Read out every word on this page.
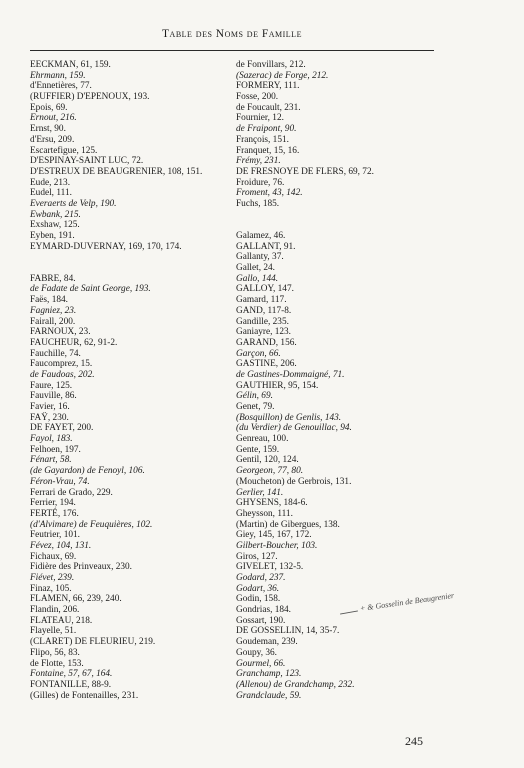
Table des Noms de Famille
EECKMAN, 61, 159.
Ehrmann, 159.
d'Ennetières, 77.
(RUFFIER) D'EPENOUX, 193.
Epois, 69.
Ernout, 216.
Ernst, 90.
d'Ersu, 209.
Escartefigue, 125.
D'ESPINAY-SAINT LUC, 72.
D'ESTREUX DE BEAUGRENIER, 108, 151.
Eude, 213.
Eudel, 111.
Everaerts de Velp, 190.
Ewbank, 215.
Exshaw, 125.
Eyben, 191.
EYMARD-DUVERNAY, 169, 170, 174.
FABRE, 84.
de Fadate de Saint George, 193.
Faës, 184.
Fagniez, 23.
Fairall, 200.
FARNOUX, 23.
FAUCHEUR, 62, 91-2.
Fauchille, 74.
Faucomprez, 15.
de Faudoas, 202.
Faure, 125.
Fauville, 86.
Favier, 16.
FAŸ, 230.
DE FAYET, 200.
Fayol, 183.
Felhoen, 197.
Fénart, 58.
(de Gayardon) de Fenoyl, 106.
Féron-Vrau, 74.
Ferrari de Grado, 229.
Ferrier, 194.
FERTÉ, 176.
(d'Alvimare) de Feuquières, 102.
Feutrier, 101.
Févez, 104, 131.
Fichaux, 69.
Fidière des Prinveaux, 230.
Fiévet, 239.
Finaz, 105.
FLAMEN, 66, 239, 240.
Flandin, 206.
FLATEAU, 218.
Flayelle, 51.
(CLARET) DE FLEURIEU, 219.
Flipo, 56, 83.
de Flotte, 153.
Fontaine, 57, 67, 164.
FONTANILLE, 88-9.
(Gilles) de Fontenailles, 231.
de Fonvillars, 212.
(Sazerac) de Forge, 212.
FORMERY, 111.
Fosse, 200.
de Foucault, 231.
Fournier, 12.
de Fraipont, 90.
François, 151.
Franquet, 15, 16.
Frémy, 231.
DE FRESNOYE DE FLERS, 69, 72.
Froidure, 76.
Froment, 43, 142.
Fuchs, 185.
Galamez, 46.
GALLANT, 91.
Gallanty, 37.
Gallet, 24.
Gallo, 144.
GALLOY, 147.
Gamard, 117.
GAND, 117-8.
Gandille, 235.
Ganiayre, 123.
GARAND, 156.
Garçon, 66.
GASTINE, 206.
de Gastines-Dommaigné, 71.
GAUTHIER, 95, 154.
Gélin, 69.
Genet, 79.
(Bosquillon) de Genlis, 143.
(du Verdier) de Genouillac, 94.
Genreau, 100.
Gente, 159.
Gentil, 120, 124.
Georgeon, 77, 80.
(Moucheton) de Gerbrois, 131.
Gerlier, 141.
GHYSENS, 184-6.
Gheysson, 111.
(Martin) de Gibergues, 138.
Giey, 145, 167, 172.
Gilbert-Boucher, 103.
Giros, 127.
GIVELET, 132-5.
Godard, 237.
Godart, 36.
Godin, 158.
Gondrias, 184.
Gossart, 190.
DE GOSSELLIN, 14, 35-7.
Goudeman, 239.
Goupy, 36.
Gourmel, 66.
Granchamp, 123.
(Allenou) de Grandchamp, 232.
Grandclaude, 59.
+ & Gosselin de Beaugrenier
245
